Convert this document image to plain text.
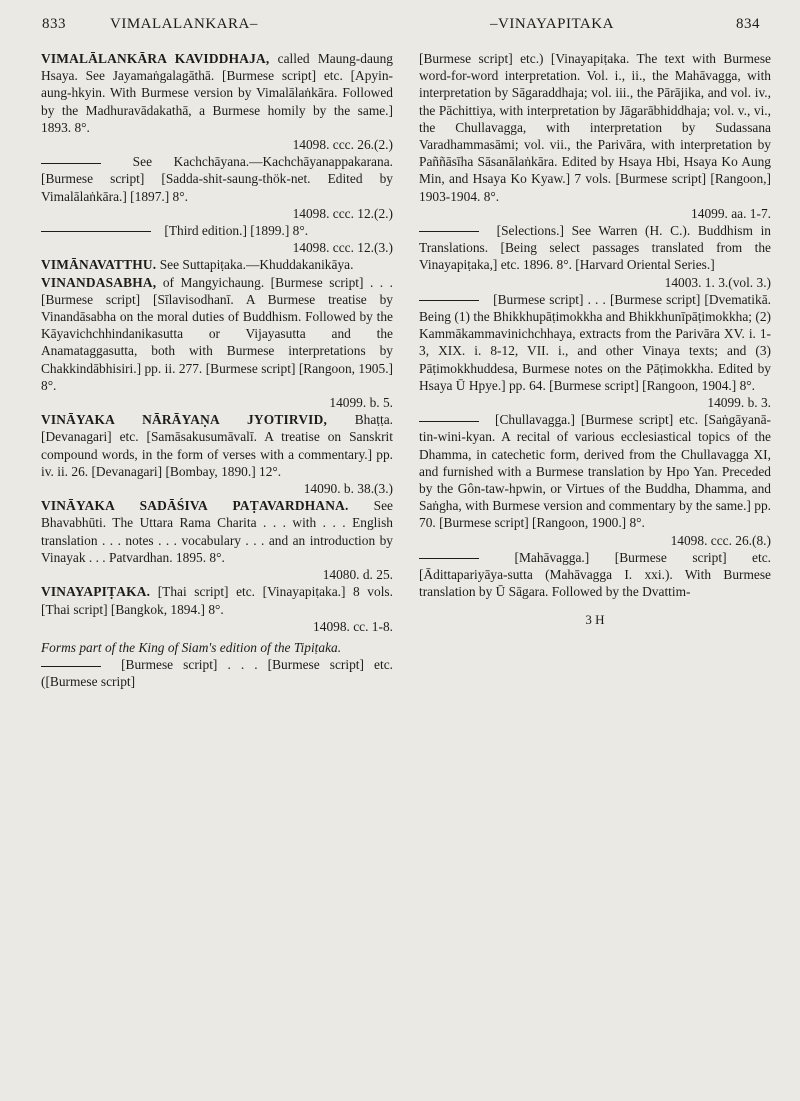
833	VIMALALANKARA–	–VINAYAPITAKA	834

VIMALĀLANKĀRA KAVIDDHAJA, called Maung-daung Hsaya. See Jayamaṅgalagāthā. [Burmese script] etc. [Apyin-aung-hkyin. With Burmese version by Vimalālaṅkāra. Followed by the Madhuravādakathā, a Burmese homily by the same.] 1893. 8°.

14098. ccc. 26.(2.)

See Kachchāyana.—Kachchāyanappakarana. [Burmese script] [Sadda-shit-saung-thök-net. Edited by Vimalālaṅkāra.] [1897.] 8°.

14098. ccc. 12.(2.)

[Third edition.] [1899.] 8°.

14098. ccc. 12.(3.)

VIMĀNAVATTHU. See Suttapiṭaka.—Khuddakanikāya.

VINANDASABHA, of Mangyichaung. [Burmese script] . . . [Burmese script] [Sīlavisodhanī. A Burmese treatise by Vinandāsabha on the moral duties of Buddhism. Followed by the Kāyavichchhindanikasutta or Vijayasutta and the Anamataggasutta, both with Burmese interpretations by Chakkindābhisiri.] pp. ii. 277. [Burmese script] [Rangoon, 1905.] 8°.

14099. b. 5.

VINĀYAKA NĀRĀYAṆA JYOTIRVID, Bhaṭṭa. [Devanagari] etc. [Samāsakusumāvalī. A treatise on Sanskrit compound words, in the form of verses with a commentary.] pp. iv. ii. 26. [Devanagari] [Bombay, 1890.] 12°.

14090. b. 38.(3.)

VINĀYAKA SADĀŚIVA PAṬAVARDHANA. See Bhavabhūti. The Uttara Rama Charita . . . with . . . English translation . . . notes . . . vocabulary . . . and an introduction by Vinayak . . . Patvardhan. 1895. 8°.

14080. d. 25.

VINAYAPIṬAKA. [Thai script] etc. [Vinayapiṭaka.] 8 vols. [Thai script] [Bangkok, 1894.] 8°.

14098. cc. 1-8.

Forms part of the King of Siam's edition of the Tipiṭaka.

[Burmese script] . . . [Burmese script] etc. ([Burmese script]

[Burmese script] etc.) [Vinayapiṭaka. The text with Burmese word-for-word interpretation. Vol. i., ii., the Mahāvagga, with interpretation by Sāgaraddhaja; vol. iii., the Pārājika, and vol. iv., the Pāchittiya, with interpretation by Jāgarābhiddhaja; vol. v., vi., the Chullavagga, with interpretation by Sudassana Varadhammasāmi; vol. vii., the Parivāra, with interpretation by Paññāsīha Sāsanālaṅkāra. Edited by Hsaya Hbi, Hsaya Ko Aung Min, and Hsaya Ko Kyaw.] 7 vols. [Burmese script] [Rangoon,] 1903-1904. 8°.

14099. aa. 1-7.

[Selections.] See Warren (H. C.). Buddhism in Translations. [Being select passages translated from the Vinayapiṭaka,] etc. 1896. 8°. [Harvard Oriental Series.]

14003. 1. 3.(vol. 3.)

[Burmese script] . . . [Burmese script] [Dvematikā. Being (1) the Bhikkhupāṭimokkha and Bhikkhunīpāṭimokkha; (2) Kammākammavinichchhaya, extracts from the Parivāra XV. i. 1-3, XIX. i. 8-12, VII. i., and other Vinaya texts; and (3) Pāṭimokkhuddesa, Burmese notes on the Pāṭimokkha. Edited by Hsaya Ū Hpye.] pp. 64. [Burmese script] [Rangoon, 1904.] 8°.

14099. b. 3.

[Chullavagga.] [Burmese script] etc. [Saṅgāyanā-tin-wini-kyan. A recital of various ecclesiastical topics of the Dhamma, in catechetic form, derived from the Chullavagga XI, and furnished with a Burmese translation by Hpo Yan. Preceded by the Gôn-taw-hpwin, or Virtues of the Buddha, Dhamma, and Saṅgha, with Burmese version and commentary by the same.] pp. 70. [Burmese script] [Rangoon, 1900.] 8°.

14098. ccc. 26.(8.)

[Mahāvagga.] [Burmese script] etc. [Ādittapariyāya-sutta (Mahāvagga I. xxi.). With Burmese translation by Ū Sāgara. Followed by the Dvattim-

3 H
